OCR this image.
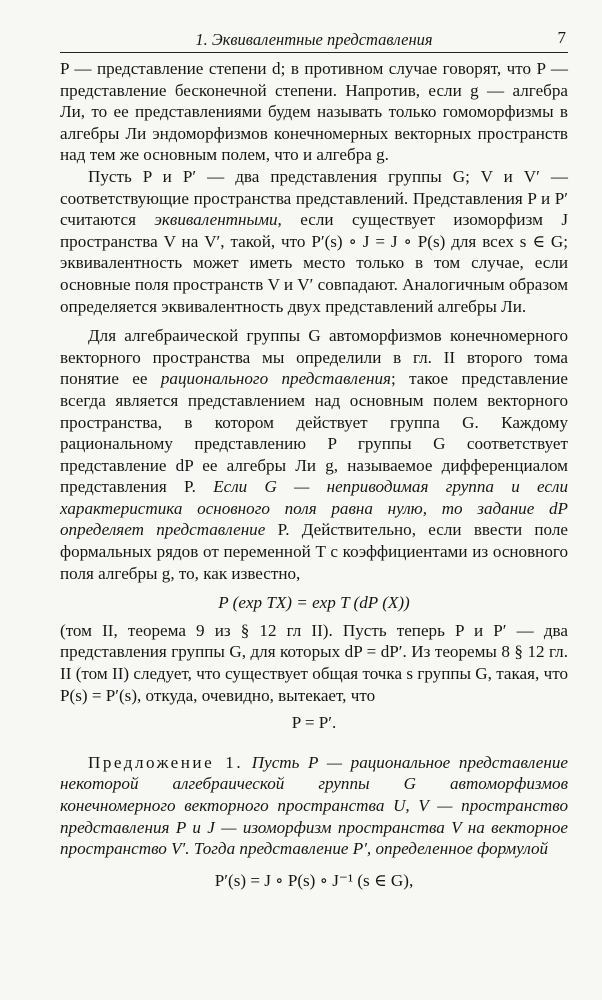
1. Эквивалентные представления	7

P — представление степени d; в противном случае говорят, что P — представление бесконечной степени. Напротив, если g — алгебра Ли, то ее представлениями будем называть только гомоморфизмы в алгебры Ли эндоморфизмов конечномерных векторных пространств над тем же основным полем, что и алгебра g.

Пусть P и P′ — два представления группы G; V и V′ — соответствующие пространства представлений. Представления P и P′ считаются эквивалентными, если существует изоморфизм J пространства V на V′, такой, что P′(s) ∘ J = J ∘ P(s) для всех s ∈ G; эквивалентность может иметь место только в том случае, если основные поля пространств V и V′ совпадают. Аналогичным образом определяется эквивалентность двух представлений алгебры Ли.

Для алгебраической группы G автоморфизмов конечномерного векторного пространства мы определили в гл. II второго тома понятие ее рационального представления; такое представление всегда является представлением над основным полем векторного пространства, в котором действует группа G. Каждому рациональному представлению P группы G соответствует представление dP ее алгебры Ли g, называемое дифференциалом представления P. Если G — неприводимая группа и если характеристика основного поля равна нулю, то задание dP определяет представление P. Действительно, если ввести поле формальных рядов от переменной T с коэффициентами из основного поля алгебры g, то, как известно,

P (exp TX) = exp T (dP (X))

(том II, теорема 9 из § 12 гл II). Пусть теперь P и P′ — два представления группы G, для которых dP = dP′. Из теоремы 8 § 12 гл. II (том II) следует, что существует общая точка s группы G, такая, что P(s) = P′(s), откуда, очевидно, вытекает, что

P = P′.

Предложение 1. Пусть P — рациональное представление некоторой алгебраической группы G автоморфизмов конечномерного векторного пространства U, V — пространство представления P и J — изоморфизм пространства V на векторное пространство V′. Тогда представление P′, определенное формулой

P′(s) = J ∘ P(s) ∘ J⁻¹ (s ∈ G),
